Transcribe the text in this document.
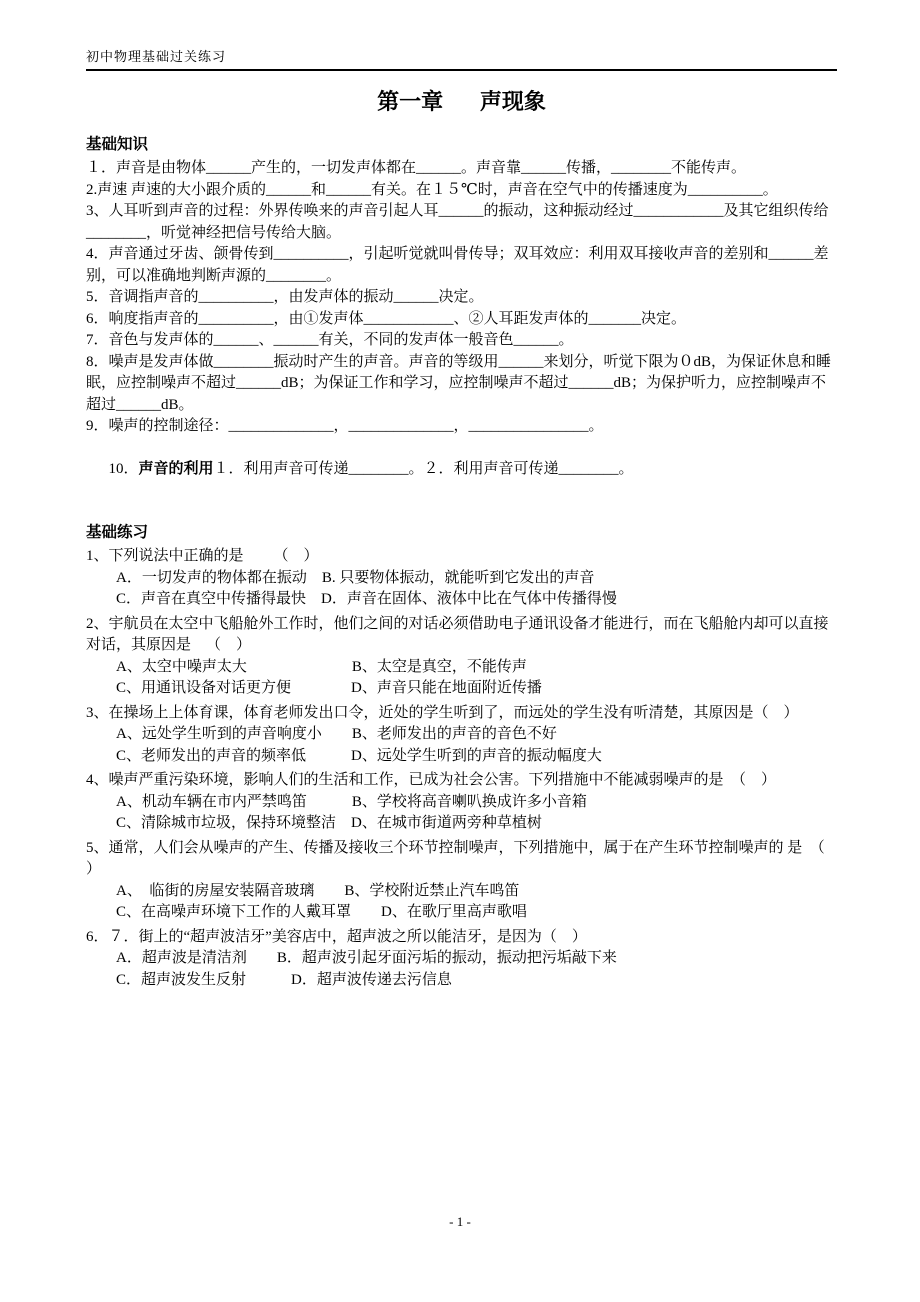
初中物理基础过关练习
第一章      声现象
基础知识
１．声音是由物体______产生的，一切发声体都在______。声音靠______传播，________不能传声。
2.声速 声速的大小跟介质的______和______有关。在１５℃时，声音在空气中的传播速度为__________。
3、人耳听到声音的过程：外界传唤来的声音引起人耳______的振动，这种振动经过____________及其它组织传给________，听觉神经把信号传给大脑。
4．声音通过牙齿、颌骨传到__________，引起听觉就叫骨传导；双耳效应：利用双耳接收声音的差别和______差别，可以准确地判断声源的________。
5．音调指声音的__________，由发声体的振动______决定。
6．响度指声音的__________，由①发声体____________、②人耳距发声体的_______决定。
7．音色与发声体的______、______有关，不同的发声体一般音色______。
8．噪声是发声体做________振动时产生的声音。声音的等级用______来划分，听觉下限为０dB，为保证休息和睡眠，应控制噪声不超过______dB；为保证工作和学习，应控制噪声不超过______dB；为保护听力，应控制噪声不超过______dB。
9．噪声的控制途径：______________，______________，________________。

10．声音的利用１．利用声音可传递________。２．利用声音可传递________。

基础练习
1、下列说法中正确的是        （    ）
A．一切发声的物体都在振动    B. 只要物体振动，就能听到它发出的声音
C．声音在真空中传播得最快    D．声音在固体、液体中比在气体中传播得慢
2、宇航员在太空中飞船舱外工作时，他们之间的对话必须借助电子通讯设备才能进行，而在飞船舱内却可以直接对话，其原因是    （    ）
A、太空中噪声太大                            B、太空是真空，不能传声
C、用通讯设备对话更方便                D、声音只能在地面附近传播
3、在操场上上体育课，体育老师发出口令，近处的学生听到了，而远处的学生没有听清楚，其原因是（    ）
A、远处学生听到的声音响度小        B、老师发出的声音的音色不好
C、老师发出的声音的频率低            D、远处学生听到的声音的振动幅度大
4、噪声严重污染环境，影响人们的生活和工作，已成为社会公害。下列措施中不能减弱噪声的是  （    ）
A、机动车辆在市内严禁鸣笛            B、学校将高音喇叭换成许多小音箱
C、清除城市垃圾，保持环境整洁    D、在城市街道两旁种草植树
5、通常，人们会从噪声的产生、传播及接收三个环节控制噪声，下列措施中，属于在产生环节控制噪声的 是  （    ）
A、  临街的房屋安装隔音玻璃        B、学校附近禁止汽车鸣笛
C、在高噪声环境下工作的人戴耳罩        D、在歌厅里高声歌唱
6．７．街上的“超声波洁牙”美容店中，超声波之所以能洁牙，是因为（    ）
A．超声波是清洁剂        B．超声波引起牙面污垢的振动，振动把污垢敲下来
C．超声波发生反射            D．超声波传递去污信息
- 1 -
